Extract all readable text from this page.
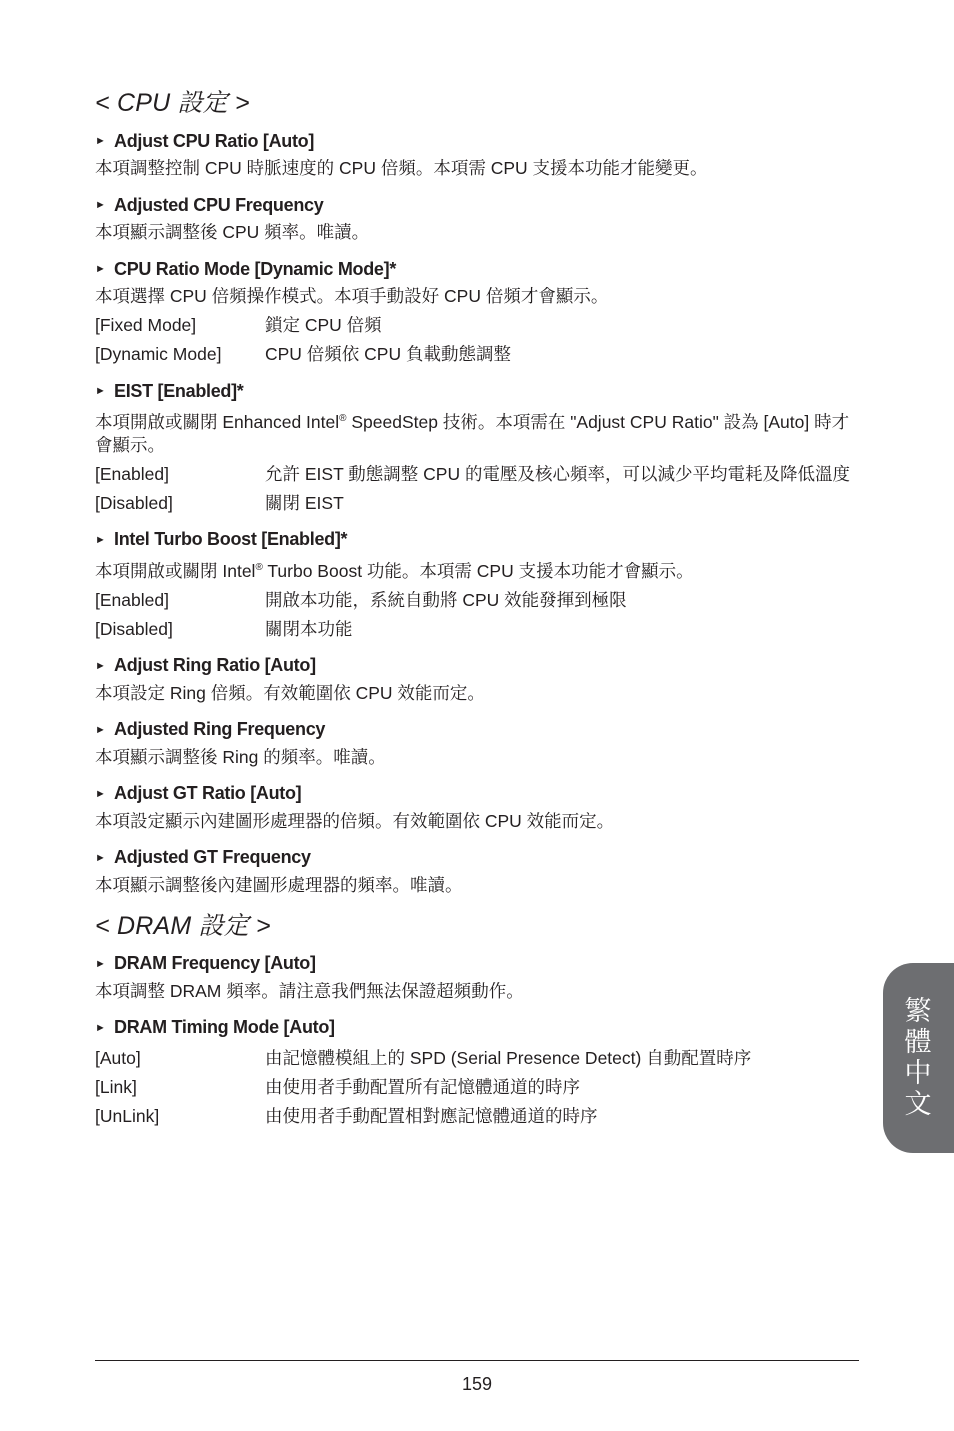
< CPU 設定 >
► Adjust CPU Ratio [Auto]

本項調整控制 CPU 時脈速度的 CPU 倍頻。本項需 CPU 支援本功能才能變更。

► Adjusted CPU Frequency

本項顯示調整後 CPU 頻率。唯讀。

► CPU Ratio Mode [Dynamic Mode]*

本項選擇 CPU 倍頻操作模式。本項手動設好 CPU 倍頻才會顯示。

[Fixed Mode]	鎖定 CPU 倍頻
[Dynamic Mode]	CPU 倍頻依 CPU 負載動態調整
► EIST [Enabled]*

本項開啟或關閉 Enhanced Intel® SpeedStep 技術。本項需在 "Adjust CPU Ratio" 設為 [Auto] 時才會顯示。

[Enabled]	允許 EIST 動態調整 CPU 的電壓及核心頻率，可以減少平均電耗及降低溫度
[Disabled]	關閉 EIST
► Intel Turbo Boost [Enabled]*

本項開啟或關閉 Intel® Turbo Boost 功能。本項需 CPU 支援本功能才會顯示。

[Enabled]	開啟本功能，系統自動將 CPU 效能發揮到極限
[Disabled]	關閉本功能
► Adjust Ring Ratio [Auto]

本項設定 Ring 倍頻。有效範圍依 CPU 效能而定。

► Adjusted Ring Frequency

本項顯示調整後 Ring 的頻率。唯讀。

► Adjust GT Ratio [Auto]

本項設定顯示內建圖形處理器的倍頻。有效範圍依 CPU 效能而定。

► Adjusted GT Frequency

本項顯示調整後內建圖形處理器的頻率。唯讀。

< DRAM 設定 >
► DRAM Frequency [Auto]

本項調整 DRAM 頻率。請注意我們無法保證超頻動作。

► DRAM Timing Mode [Auto]
[Auto]	由記憶體模組上的 SPD (Serial Presence Detect) 自動配置時序
[Link]	由使用者手動配置所有記憶體通道的時序
[UnLink]	由使用者手動配置相對應記憶體通道的時序	繁體中文
159
